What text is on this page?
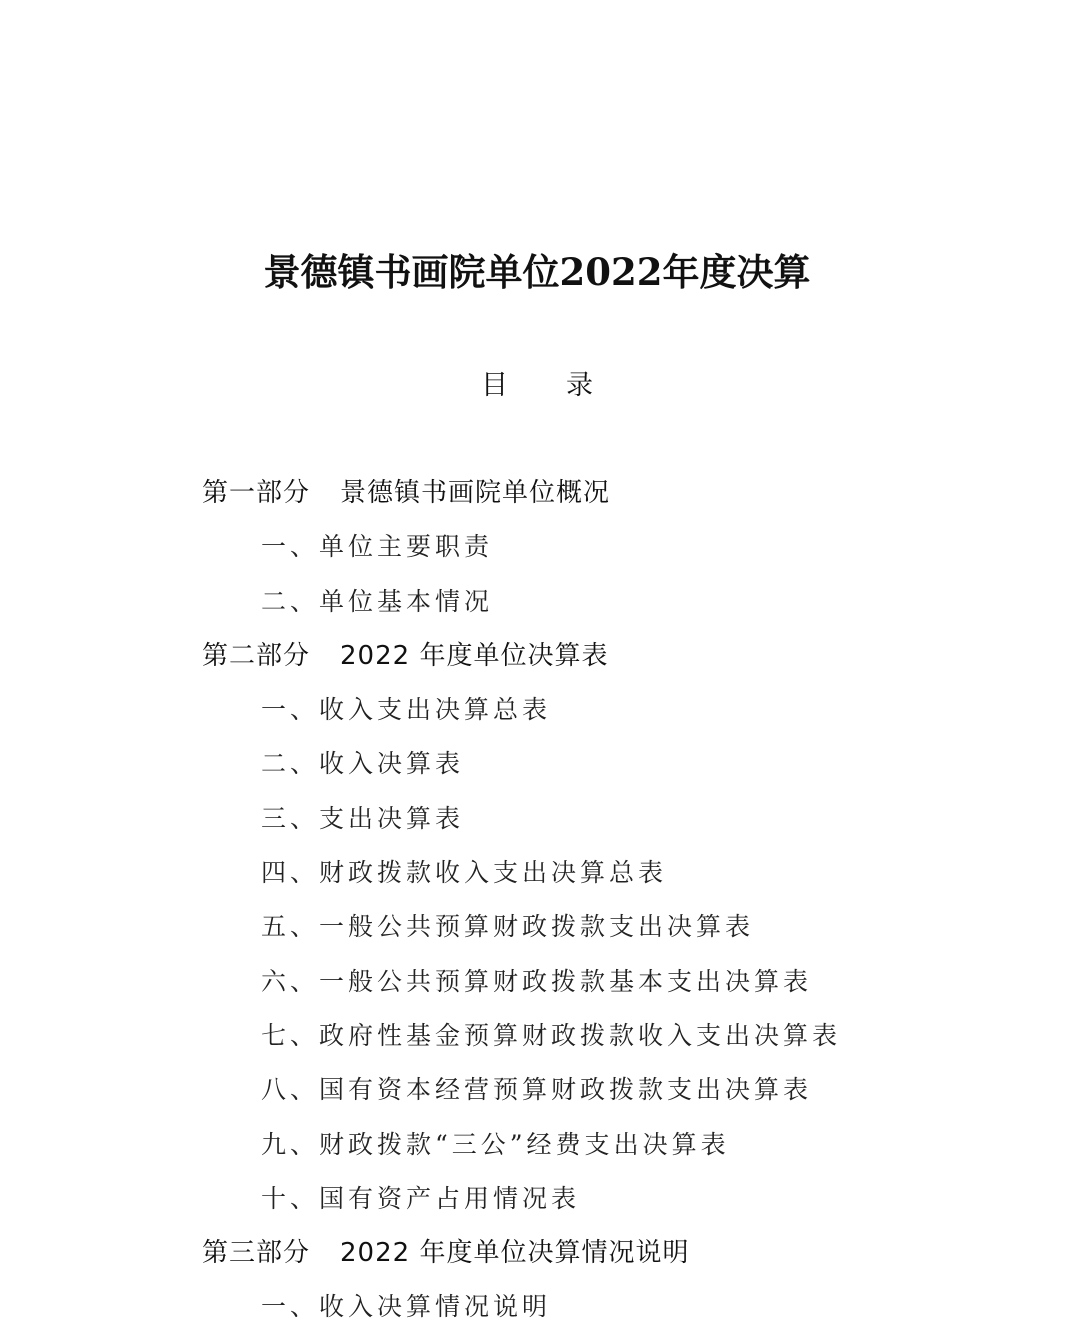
景德镇书画院单位2022年度决算
目 录
第一部分 景德镇书画院单位概况
一、单位主要职责
二、单位基本情况
第二部分 2022 年度单位决算表
一、收入支出决算总表
二、收入决算表
三、支出决算表
四、财政拨款收入支出决算总表
五、一般公共预算财政拨款支出决算表
六、一般公共预算财政拨款基本支出决算表
七、政府性基金预算财政拨款收入支出决算表
八、国有资本经营预算财政拨款支出决算表
九、财政拨款“三公”经费支出决算表
十、国有资产占用情况表
第三部分 2022 年度单位决算情况说明
一、收入决算情况说明
